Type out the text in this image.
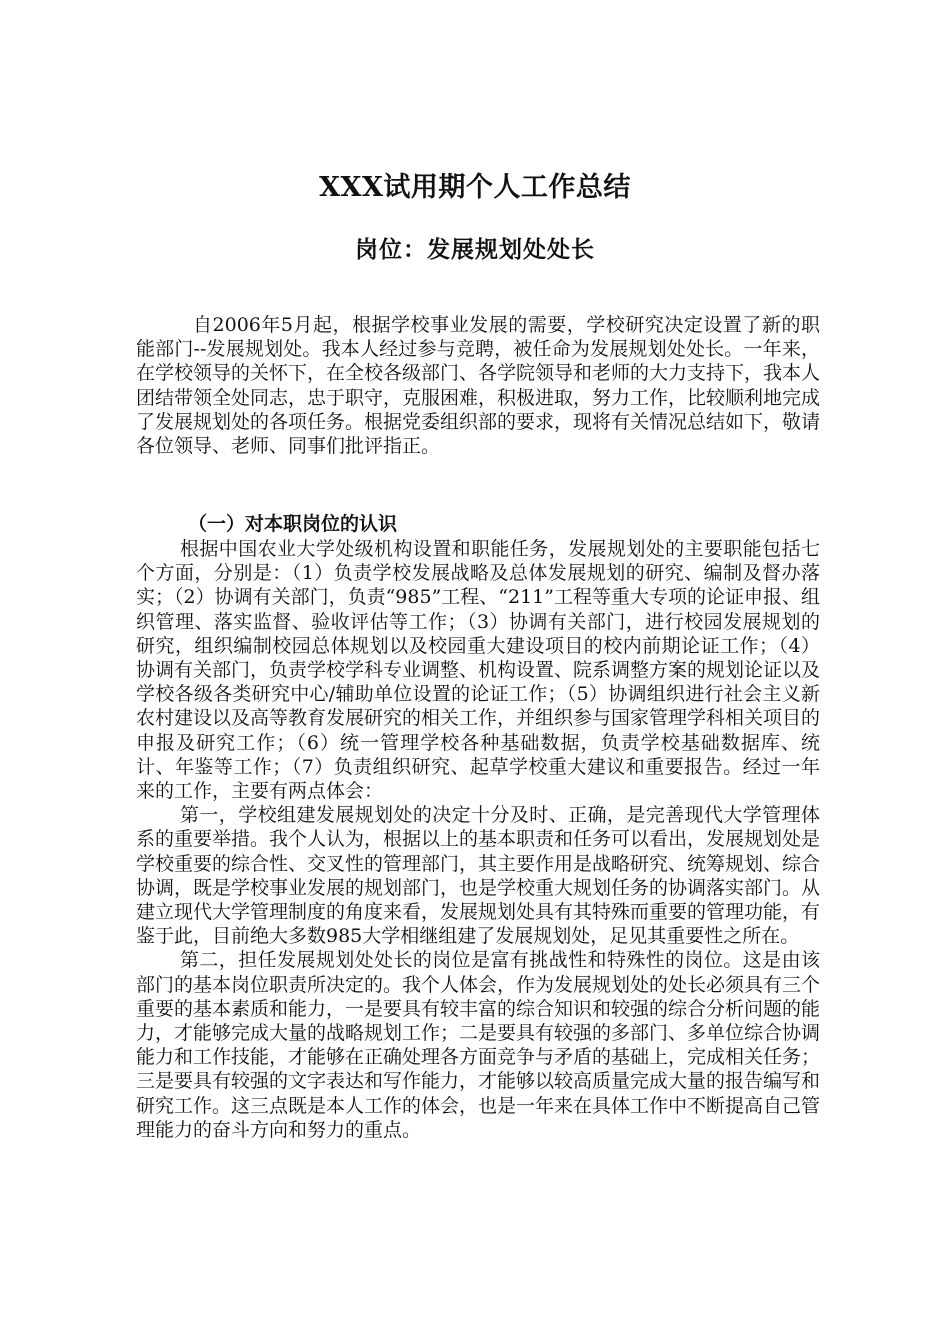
XXX试用期个人工作总结
岗位：发展规划处处长

自2006年5月起，根据学校事业发展的需要，学校研究决定设置了新的职能部门--发展规划处。我本人经过参与竞聘，被任命为发展规划处处长。一年来，在学校领导的关怀下，在全校各级部门、各学院领导和老师的大力支持下，我本人团结带领全处同志，忠于职守，克服困难，积极进取，努力工作，比较顺利地完成了发展规划处的各项任务。根据党委组织部的要求，现将有关情况总结如下，敬请各位领导、老师、同事们批评指正。

（一）对本职岗位的认识

根据中国农业大学处级机构设置和职能任务，发展规划处的主要职能包括七个方面，分别是：（1）负责学校发展战略及总体发展规划的研究、编制及督办落实；（2）协调有关部门，负责“985”工程、“211”工程等重大专项的论证申报、组织管理、落实监督、验收评估等工作；（3）协调有关部门，进行校园发展规划的研究，组织编制校园总体规划以及校园重大建设项目的校内前期论证工作；（4）协调有关部门，负责学校学科专业调整、机构设置、院系调整方案的规划论证以及学校各级各类研究中心/辅助单位设置的论证工作；（5）协调组织进行社会主义新农村建设以及高等教育发展研究的相关工作，并组织参与国家管理学科相关项目的申报及研究工作；（6）统一管理学校各种基础数据，负责学校基础数据库、统计、年鉴等工作；（7）负责组织研究、起草学校重大建议和重要报告。经过一年来的工作，主要有两点体会：

第一，学校组建发展规划处的决定十分及时、正确，是完善现代大学管理体系的重要举措。我个人认为，根据以上的基本职责和任务可以看出，发展规划处是学校重要的综合性、交叉性的管理部门，其主要作用是战略研究、统筹规划、综合协调，既是学校事业发展的规划部门，也是学校重大规划任务的协调落实部门。从建立现代大学管理制度的角度来看，发展规划处具有其特殊而重要的管理功能，有鉴于此，目前绝大多数985大学相继组建了发展规划处，足见其重要性之所在。

第二，担任发展规划处处长的岗位是富有挑战性和特殊性的岗位。这是由该部门的基本岗位职责所决定的。我个人体会，作为发展规划处的处长必须具有三个重要的基本素质和能力，一是要具有较丰富的综合知识和较强的综合分析问题的能力，才能够完成大量的战略规划工作；二是要具有较强的多部门、多单位综合协调能力和工作技能，才能够在正确处理各方面竞争与矛盾的基础上，完成相关任务；三是要具有较强的文字表达和写作能力，才能够以较高质量完成大量的报告编写和研究工作。这三点既是本人工作的体会，也是一年来在具体工作中不断提高自己管理能力的奋斗方向和努力的重点。
